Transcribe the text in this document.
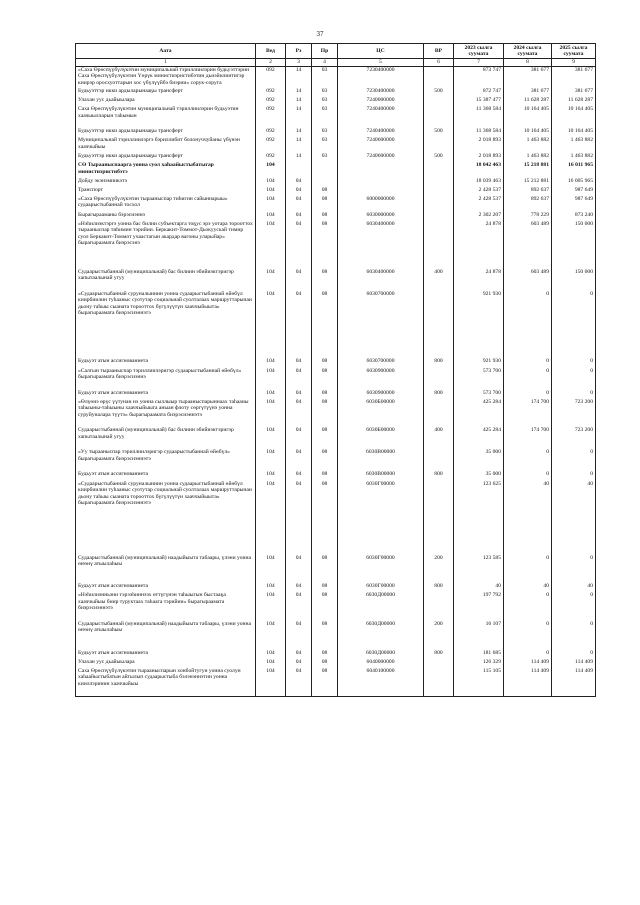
37
Аата	Вед	Рз	Пр	ЦС	ВР	2023 сылга суумата	2024 сылга суумата	2025 сылга суумата
1	2	3	4	5	6	7	8	9
«Саха Өрөспүүбүлүкэтин муниципальнай тэриллиилэрин будьуэттэрин Саха Өрөспүүбүлүкэтин Үөрүк министиэристибэтин дьиэйилиитигэр киирэр оросхуоттарын хос үбүлүүйбэ биэрии» сорук-соруга	092	14	03	7230400000		873 747	381 677	381 677
Будьуэттэр икки ардыларынааҕы трансферт	092	14	03	7230400000	500	872 747	381 677	381 677
Улахан уус дьайыылара	092	14	03	7240000000		15 387 477	11 628 287	11 628 287
Саха Өрөспүүбүлүкэтин муниципальнай тэриллиилэрин будьуэтин хаачыылларын таһымын	092	14	03	7240400000		11 368 584	10 164 405	10 164 405
Будьуэттэр икки ардыларынааҕы трансферт	092	14	03	7240400000	500	11 368 584	10 164 405	10 164 405
Муниципальнай тэриллиилэргэ бэриллибит болонуччуйаны үбүнэн хааччыйыы	092	14	03	7240600000		2 018 893	1 463 882	1 463 882
Будьуэттэр икки ардыларынааҕы трансферт	092	14	03	7240600000	500	2 018 893	1 463 882	1 463 882
СӨ Тырааныспаарга уонна суол хаһаайыстыбатыгар министиэристибэтэ	104					18 042 463	15 218 881	16 011 965
Дойду экэнэмиикэтэ	104	04				18 039 463	15 212 881	16 005 965
Транспорт	104	04	08			2 428 537	892 637	987 649
«Саха Өрөспүүбүлүкэтин тырааныспар тиһигин сайыннарыы» судаарыстыбаннай тосхол	104	04	08	6000000000		2 428 537	892 637	987 649
Бырагырааманы бэрэсиэннэ	104	04	08	6030000000		2 302 207	778 229	873 240
«Нэһилиэктэргэ уонна бас билии субъектарга тоҕус эрэ уотара торооттох тырааныспар тиһимин тэрийии. Беркакит-Томмот-Дьокуускай тимир суол Беркакит-Томмот учаастагын акардар вагоны уларыйар» бырагыраамата биэрэсэнэ	104	04	08	6030400000		24 878	603 489	150 000
Судаарыстыбаннай (муниципальнай) бас билиин эбийиэктэригэр хапытаалынай угуу	104	04	08	6030400000	400	24 878	603 489	150 000
«Судаарыстыбаннай суруналыниин уонна судаарыстыбаннай өйөбүл киирбиилин туһааныс суотутар социальнай суолталаах маршруттарынан дьону таһыы сыаната торооттох бүгүлүүтүн хааччыйыыта» бырагыраамата биэрэсиэннэтэ	104	04	08	6030700000		921 930	0	0
Будьуэт атын ассигнованиета	104	04	08	6030700000	800	921 930	0	0
«Салгын тырааныспар тэриллиилэригэр судаарыстыбаннай өйөбүл» бырагыраамата биэрэсиэннэ	104	04	08	6030900000		573 700	0	0
Будьуэт атын ассигнованиета	104	04	08	6030900000	800	573 700	0	0
«Өлүөнэ өрүс үүтунан нэ уонна сыллыыр тырааныспарыннаах таһааны таһыыны-таһыыны хааччыйыыга аныан флоту сөргүтүүнэ уонна суруйуналара түүтэ» бырагыраамата биэрэсиэннэтэ	104	04	08	6030Б00000		425 284	174 700	723 200
Судаарыстыбаннай (муниципальнай) бас билиин эбийиэктэригэр хапытаалынай угуу	104	04	08	6030Б00000	400	425 284	174 700	723 200
«Уу тырааныспар тэриллиилэригэр судаарыстыбаннай өйөбүл» бырагыраамата биэрэсиэннэтэ	104	04	08	6030В00000		35 000	0	0
Будьуэт атын ассигнованиета	104	04	08	6030В00000	800	35 000	0	0
«Судаарыстыбаннай суруналыниин уонна судаарыстыбаннай өйөбүл киирбиилин туһааныс суотутар социальнай суолталаах маршруттарынан дьону таһыы сыаната торооттох бүгүлүүтүн хааччыйыыта» бырагыраамата биэрэсиэннэтэ	104	04	08	6030Г00000		123 625	40	40
Судаарыстыбаннай (муниципальнай) наадыйыыта табаары, үлэни уонна өҥөнү атыылаһыы	104	04	08	6030Г00000	200	123 585	0	0
Будьуэт атын ассигнованиета	104	04	08	6030Г00000	800	40	40	40
«Нэһилиэнньэни тэрээһиннээх өттүгүнэн таһыыгын быстааҕа хааччыйыы биир туруктаах таһаага тэрийии» бырагыраамата биэрэсиэннэтэ	104	04	08	6030Д00000		197 792	0	0
Судаарыстыбаннай (муниципальнай) наадыйыыта табаары, үлэни уонна өҥөнү атыылаһыы	104	04	08	6030Д00000	200	16 107	0	0
Будьуэт атын ассигнованиета	104	04	08	6030Д00000	800	181 685	0	0
Улахан уус дьайыылара	104	04	08	6040000000		126 329	114 409	114 409
Саха Өрөспүүбүлүкэтин тырааныспарын хонбойтугун уонна суолун хаһаайыстыбатын айгылып судаарыстыба бэлэнэннэтин уонна кииллэринин хааччыйыы	104	04	08	6040100000		115 105	114 409	114 409
